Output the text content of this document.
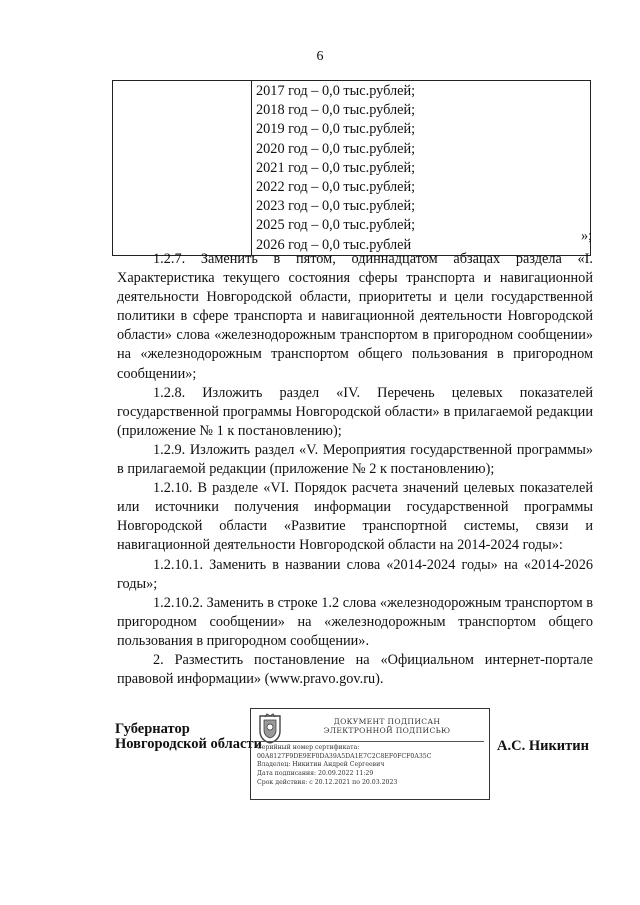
6

2017 год – 0,0 тыс.рублей;
2018 год – 0,0 тыс.рублей;
2019 год – 0,0 тыс.рублей;
2020 год – 0,0 тыс.рублей;
2021 год – 0,0 тыс.рублей;
2022 год – 0,0 тыс.рублей;
2023 год – 0,0 тыс.рублей;
2025 год – 0,0 тыс.рублей;
2026 год – 0,0 тыс.рублей
»;

1.2.7. Заменить в пятом, одиннадцатом абзацах раздела «I. Характеристика текущего состояния сферы транспорта и навигационной деятельности Новгородской области, приоритеты и цели государственной политики в сфере транспорта и навигационной деятельности Новгородской области» слова «железнодорожным транспортом в пригородном сообщении» на «железнодорожным транспортом общего пользования в пригородном сообщении»;

1.2.8. Изложить раздел «IV. Перечень целевых показателей государственной программы Новгородской области» в прилагаемой редакции (приложение № 1 к постановлению);

1.2.9. Изложить раздел «V. Мероприятия государственной программы» в прилагаемой редакции (приложение № 2 к постановлению);

1.2.10. В разделе «VI. Порядок расчета значений целевых показателей или источники получения информации государственной программы Новгородской области «Развитие транспортной системы, связи и навигационной деятельности Новгородской области на 2014-2024 годы»:

1.2.10.1. Заменить в названии слова «2014-2024 годы» на «2014-2026 годы»;

1.2.10.2. Заменить в строке 1.2 слова «железнодорожным транспортом в пригородном сообщении» на «железнодорожным транспортом общего пользования в пригородном сообщении».

2. Разместить постановление на «Официальном интернет-портале правовой информации» (www.pravo.gov.ru).

Губернатор
Новгородской области
ДОКУМЕНТ ПОДПИСАН
ЭЛЕКТРОННОЙ ПОДПИСЬЮ
Серийный номер сертификата:
00A8127F9DE9EF0DA39A5DA1E7C2C8EF0FCF0A35C
Владелец: Никитин Андрей Сергеевич
Дата подписания: 20.09.2022 11:29
Срок действия: с 20.12.2021 по 20.03.2023
А.С. Никитин
